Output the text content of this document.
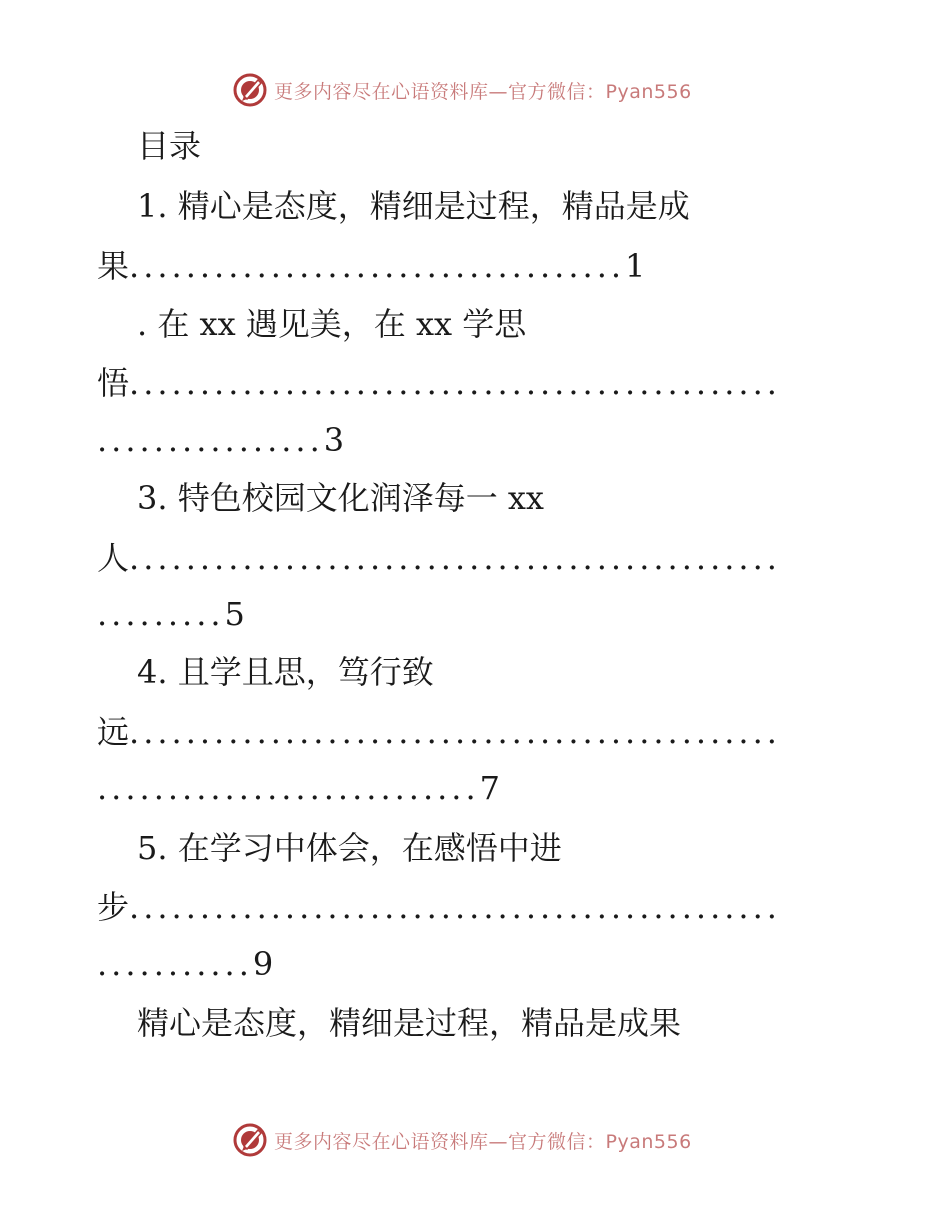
更多内容尽在心语资料库—官方微信：Pyan556
目录
1. 精心是态度，精细是过程，精品是成
果...................................1
. 在 xx 遇见美，在 xx 学思
悟..............................................
................3
3. 特色校园文化润泽每一 xx
人..............................................
.........5
4. 且学且思，笃行致
远..............................................
...........................7
5. 在学习中体会，在感悟中进
步..............................................
...........9
精心是态度，精细是过程，精品是成果
更多内容尽在心语资料库—官方微信：Pyan556
